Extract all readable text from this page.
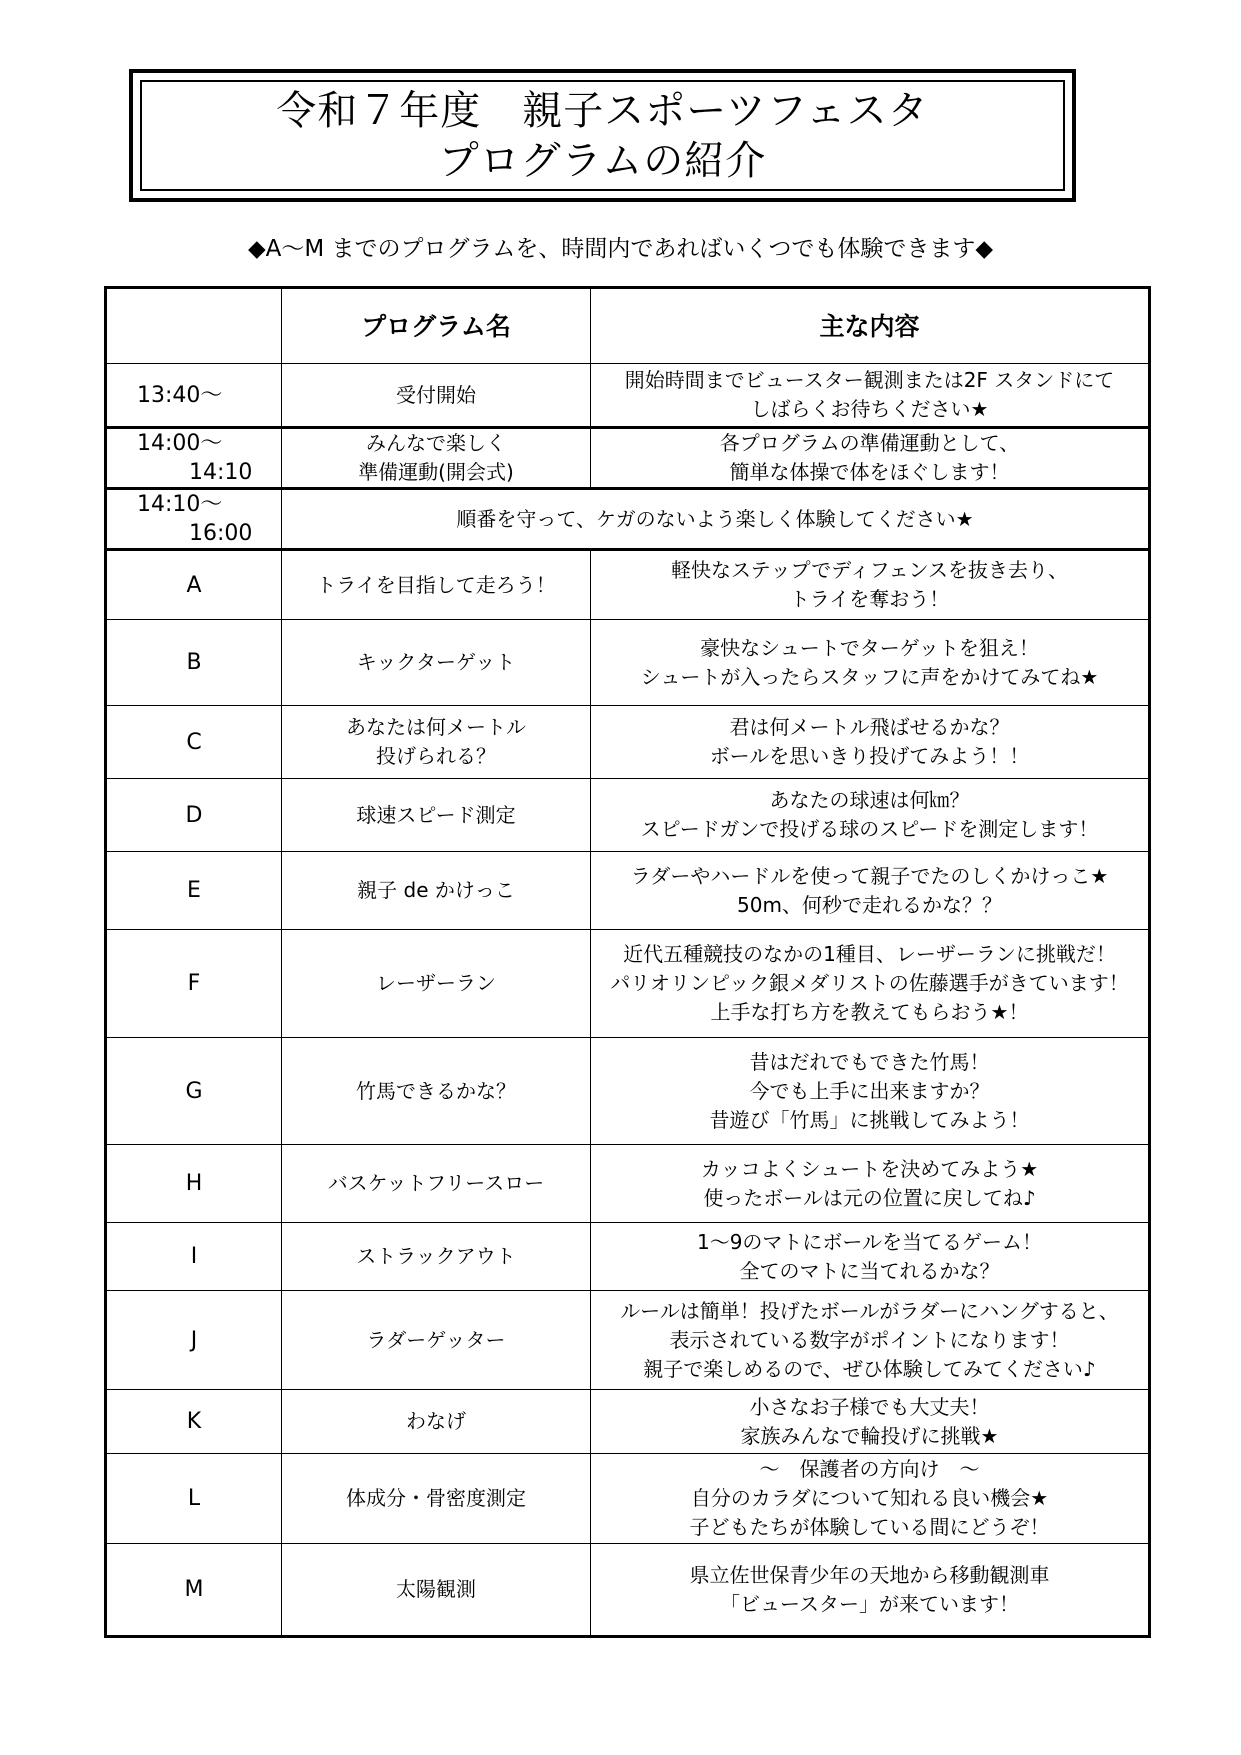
令和７年度　親子スポーツフェスタ
プログラムの紹介
◆A～M までのプログラムを、時間内であればいくつでも体験できます◆
	プログラム名	主な内容

13:40～	受付開始	開始時間までビュースター観測または2F スタンドにて
しばらくお待ちください★

14:00～
14:10	みんなで楽しく
準備運動(開会式)	各プログラムの準備運動として、
簡単な体操で体をほぐします！

14:10～
16:00	順番を守って、ケガのないよう楽しく体験してください★	
A	トライを目指して走ろう！	軽快なステップでディフェンスを抜き去り、
トライを奪おう！

B	キックターゲット	豪快なシュートでターゲットを狙え！
シュートが入ったらスタッフに声をかけてみてね★

C	あなたは何メートル
投げられる？	君は何メートル飛ばせるかな？
ボールを思いきり投げてみよう！！

D	球速スピード測定	あなたの球速は何㎞？
スピードガンで投げる球のスピードを測定します！

E	親子 de かけっこ	ラダーやハードルを使って親子でたのしくかけっこ★
50m、何秒で走れるかな？？

F	レーザーラン	近代五種競技のなかの1種目、レーザーランに挑戦だ！
パリオリンピック銀メダリストの佐藤選手がきています！
上手な打ち方を教えてもらおう★！

G	竹馬できるかな？	昔はだれでもできた竹馬！
今でも上手に出来ますか？
昔遊び「竹馬」に挑戦してみよう！

H	バスケットフリースロー	カッコよくシュートを決めてみよう★
使ったボールは元の位置に戻してね♪

I	ストラックアウト	1～9のマトにボールを当てるゲーム！
全てのマトに当てれるかな？

J	ラダーゲッター	ルールは簡単！投げたボールがラダーにハングすると、
表示されている数字がポイントになります！
親子で楽しめるので、ぜひ体験してみてください♪

K	わなげ	小さなお子様でも大丈夫！
家族みんなで輪投げに挑戦★

L	体成分・骨密度測定	～　保護者の方向け　～
自分のカラダについて知れる良い機会★
子どもたちが体験している間にどうぞ！

M	太陽観測	県立佐世保青少年の天地から移動観測車
「ビュースター」が来ています！
